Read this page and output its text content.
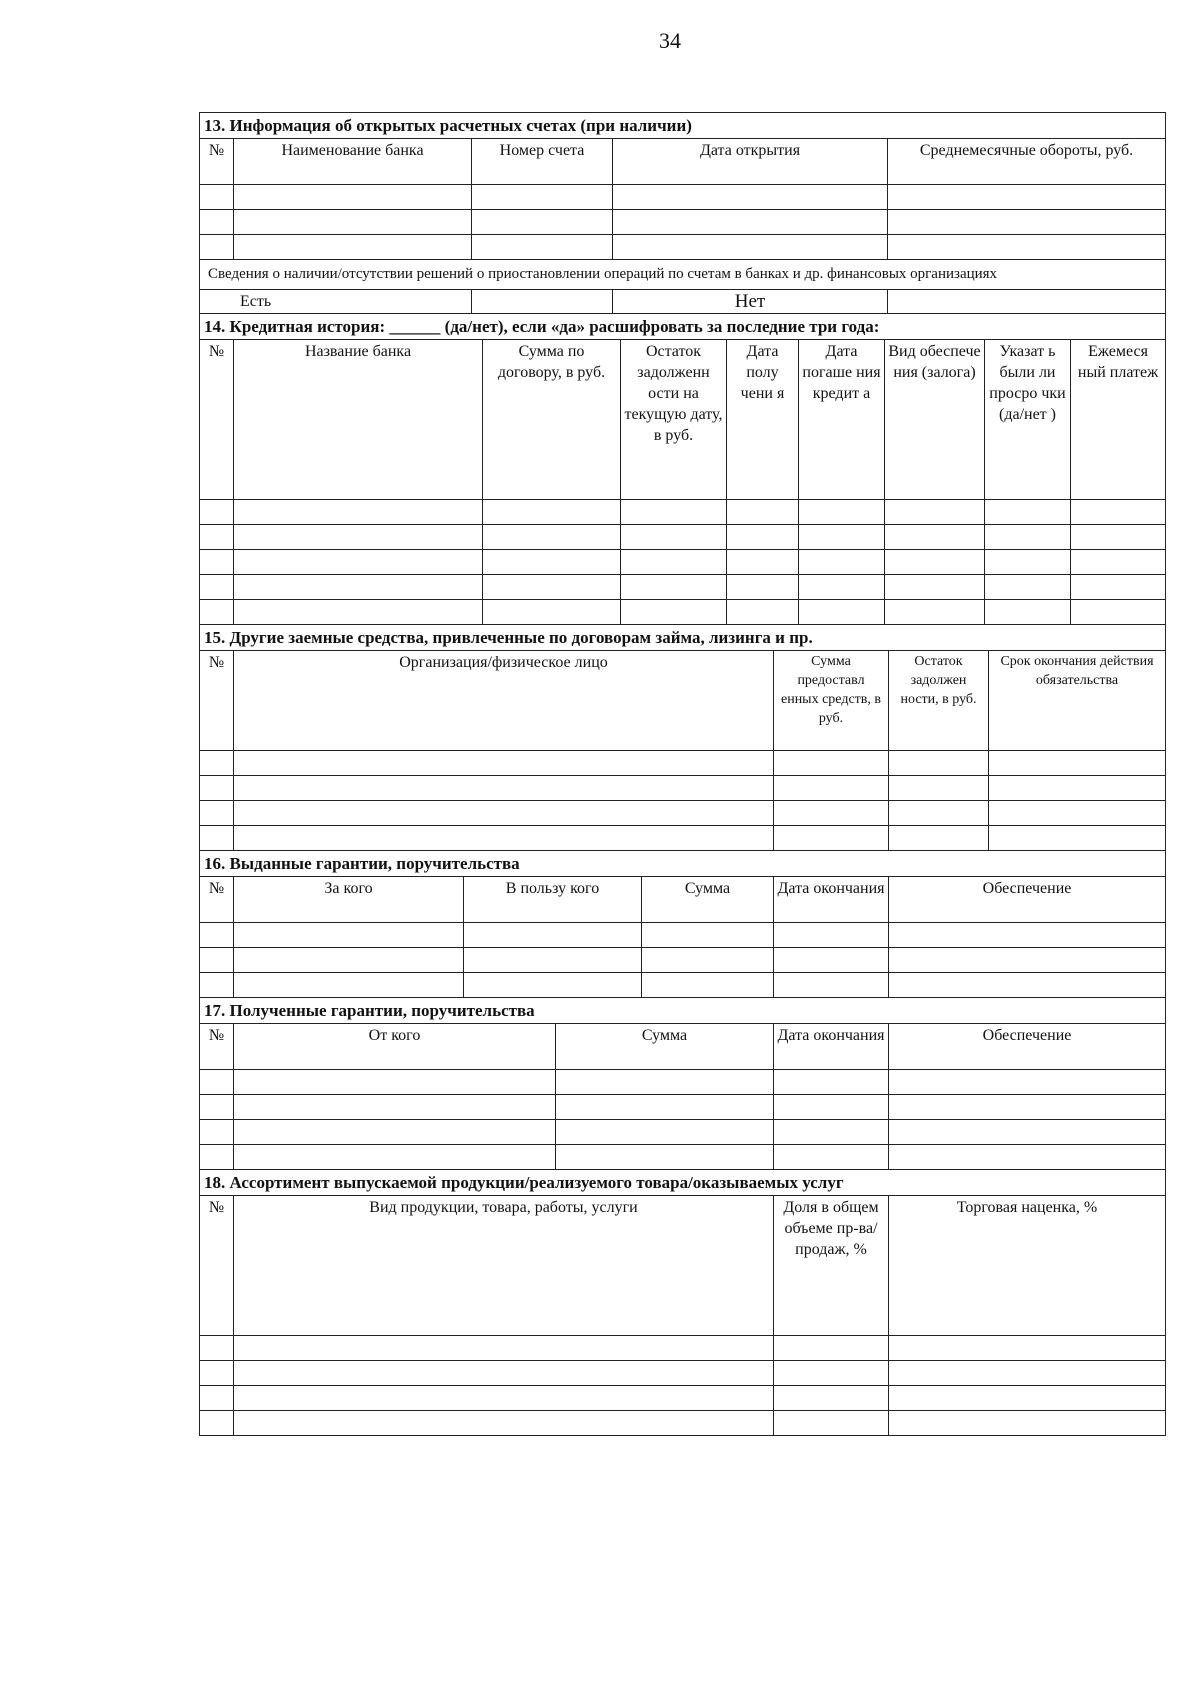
34
13. Информация об открытых расчетных счетах (при наличии)				
№	Наименование банка	Номер счета	Дата открытия	Среднемесячные обороты, руб.

Сведения о наличии/отсутствии решений о приостановлении операций по счетам в банках и др. финансовых организациях				
Есть			Нет	
14. Кредитная история: ______ (да/нет), если «да» расшифровать за последние три года:								
№	Название банка	Сумма по договору, в руб.	Остаток задолженн ости на текущую дату, в руб.	Дата полу чени я	Дата погаше ния кредит а	Вид обеспече ния (залога)	Указат ь были ли просро чки (да/нет )	Ежемеся ный платеж

15. Другие заемные средства, привлеченные по договорам займа, лизинга и пр.				
№	Организация/физическое лицо	Сумма предоставл енных средств, в руб.	Остаток задолжен ности, в руб.	Срок окончания действия обязательства

16. Выданные гарантии, поручительства					
№	За кого	В пользу кого	Сумма	Дата окончания	Обеспечение

17. Полученные гарантии, поручительства				
№	От кого	Сумма	Дата окончания	Обеспечение

18. Ассортимент выпускаемой продукции/реализуемого товара/оказываемых услуг			
№	Вид продукции, товара, работы, услуги	Доля в общем объеме пр-ва/продаж, %	Торговая наценка, %
